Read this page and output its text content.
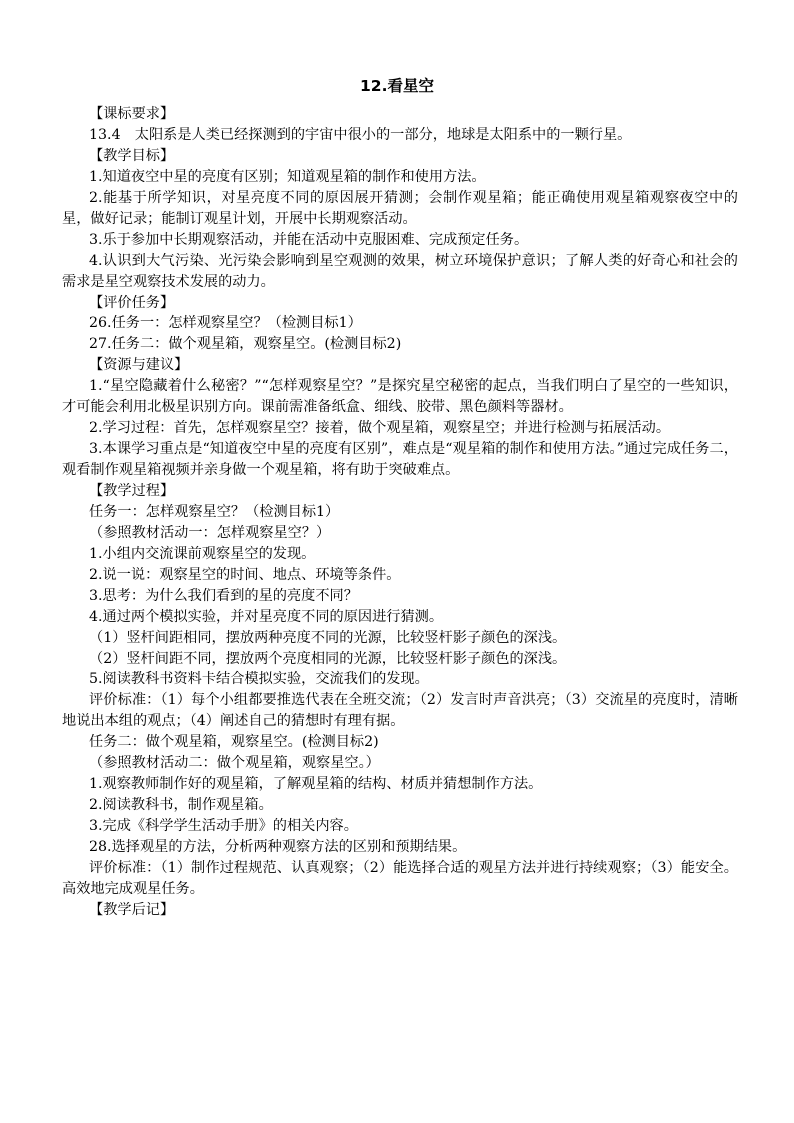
12.看星空
【课标要求】
13.4　太阳系是人类已经探测到的宇宙中很小的一部分，地球是太阳系中的一颗行星。
【教学目标】
1.知道夜空中星的亮度有区别；知道观星箱的制作和使用方法。
2.能基于所学知识，对星亮度不同的原因展开猜测；会制作观星箱；能正确使用观星箱观察夜空中的星，做好记录；能制订观星计划，开展中长期观察活动。
3.乐于参加中长期观察活动，并能在活动中克服困难、完成预定任务。
4.认识到大气污染、光污染会影响到星空观测的效果，树立环境保护意识；了解人类的好奇心和社会的需求是星空观察技术发展的动力。
【评价任务】
26.任务一：怎样观察星空？（检测目标1）
27.任务二：做个观星箱，观察星空。(检测目标2)
【资源与建议】
1.“星空隐藏着什么秘密？”“怎样观察星空？”是探究星空秘密的起点，当我们明白了星空的一些知识，才可能会利用北极星识别方向。课前需准备纸盒、细线、胶带、黑色颜料等器材。
2.学习过程：首先，怎样观察星空？接着，做个观星箱，观察星空；并进行检测与拓展活动。
3.本课学习重点是“知道夜空中星的亮度有区别”，难点是“观星箱的制作和使用方法。”通过完成任务二，观看制作观星箱视频并亲身做一个观星箱，将有助于突破难点。
【教学过程】
任务一：怎样观察星空？（检测目标1）
（参照教材活动一：怎样观察星空？）
1.小组内交流课前观察星空的发现。
2.说一说：观察星空的时间、地点、环境等条件。
3.思考：为什么我们看到的星的亮度不同？
4.通过两个模拟实验，并对星亮度不同的原因进行猜测。
（1）竖杆间距相同，摆放两种亮度不同的光源，比较竖杆影子颜色的深浅。
（2）竖杆间距不同，摆放两个亮度相同的光源，比较竖杆影子颜色的深浅。
5.阅读教科书资料卡结合模拟实验，交流我们的发现。
评价标准：（1）每个小组都要推选代表在全班交流；（2）发言时声音洪亮；（3）交流星的亮度时，清晰地说出本组的观点；（4）阐述自己的猜想时有理有据。
任务二：做个观星箱，观察星空。(检测目标2)
（参照教材活动二：做个观星箱，观察星空。）
1.观察教师制作好的观星箱，了解观星箱的结构、材质并猜想制作方法。
2.阅读教科书，制作观星箱。
3.完成《科学学生活动手册》的相关内容。
28.选择观星的方法，分析两种观察方法的区别和预期结果。
评价标准：（1）制作过程规范、认真观察；（2）能选择合适的观星方法并进行持续观察；（3）能安全。高效地完成观星任务。
【教学后记】
